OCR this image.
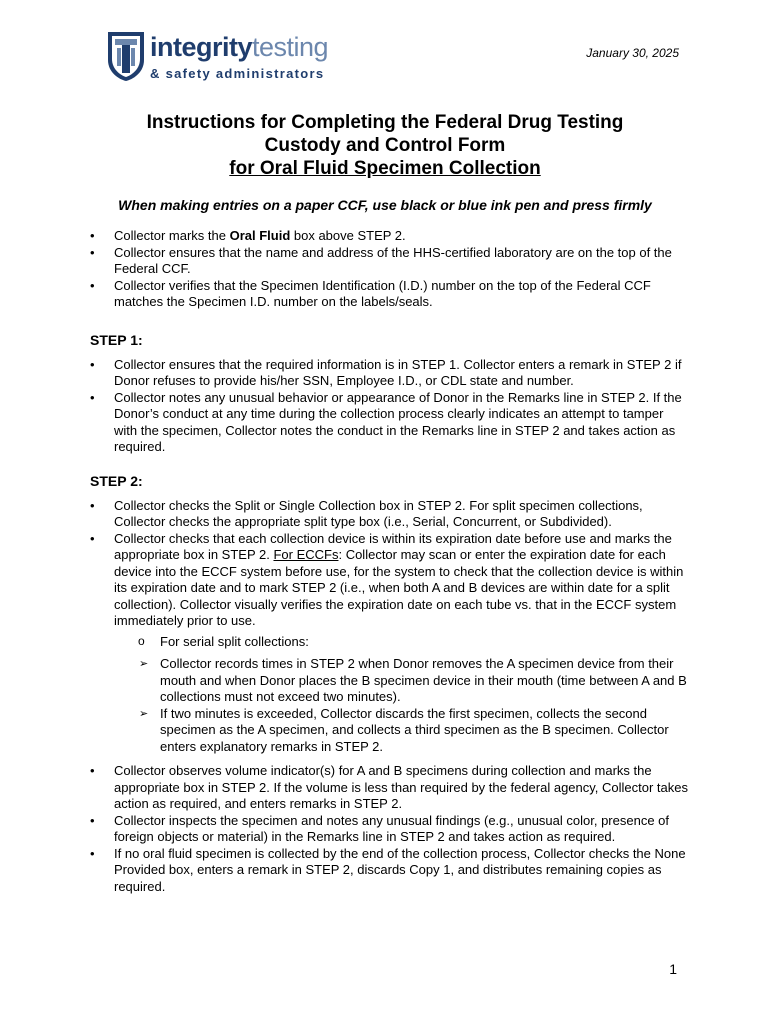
integritytesting
& safety administrators
January 30, 2025
Instructions for Completing the Federal Drug Testing
Custody and Control Form
for Oral Fluid Specimen Collection
When making entries on a paper CCF, use black or blue ink pen and press firmly
• Collector marks the Oral Fluid box above STEP 2.
• Collector ensures that the name and address of the HHS-certified laboratory are on the top of the Federal CCF.
• Collector verifies that the Specimen Identification (I.D.) number on the top of the Federal CCF matches the Specimen I.D. number on the labels/seals.
STEP 1:
• Collector ensures that the required information is in STEP 1. Collector enters a remark in STEP 2 if Donor refuses to provide his/her SSN, Employee I.D., or CDL state and number.
• Collector notes any unusual behavior or appearance of Donor in the Remarks line in STEP 2. If the Donor’s conduct at any time during the collection process clearly indicates an attempt to tamper with the specimen, Collector notes the conduct in the Remarks line in STEP 2 and takes action as required.
STEP 2:
• Collector checks the Split or Single Collection box in STEP 2. For split specimen collections, Collector checks the appropriate split type box (i.e., Serial, Concurrent, or Subdivided).
• Collector checks that each collection device is within its expiration date before use and marks the appropriate box in STEP 2. For ECCFs: Collector may scan or enter the expiration date for each device into the ECCF system before use, for the system to check that the collection device is within its expiration date and to mark STEP 2 (i.e., when both A and B devices are within date for a split collection). Collector visually verifies the expiration date on each tube vs. that in the ECCF system immediately prior to use.
o For serial split collections:
➢ Collector records times in STEP 2 when Donor removes the A specimen device from their mouth and when Donor places the B specimen device in their mouth (time between A and B collections must not exceed two minutes).
➢ If two minutes is exceeded, Collector discards the first specimen, collects the second specimen as the A specimen, and collects a third specimen as the B specimen. Collector enters explanatory remarks in STEP 2.
• Collector observes volume indicator(s) for A and B specimens during collection and marks the appropriate box in STEP 2. If the volume is less than required by the federal agency, Collector takes action as required, and enters remarks in STEP 2.
• Collector inspects the specimen and notes any unusual findings (e.g., unusual color, presence of foreign objects or material) in the Remarks line in STEP 2 and takes action as required.
• If no oral fluid specimen is collected by the end of the collection process, Collector checks the None Provided box, enters a remark in STEP 2, discards Copy 1, and distributes remaining copies as required.
1
